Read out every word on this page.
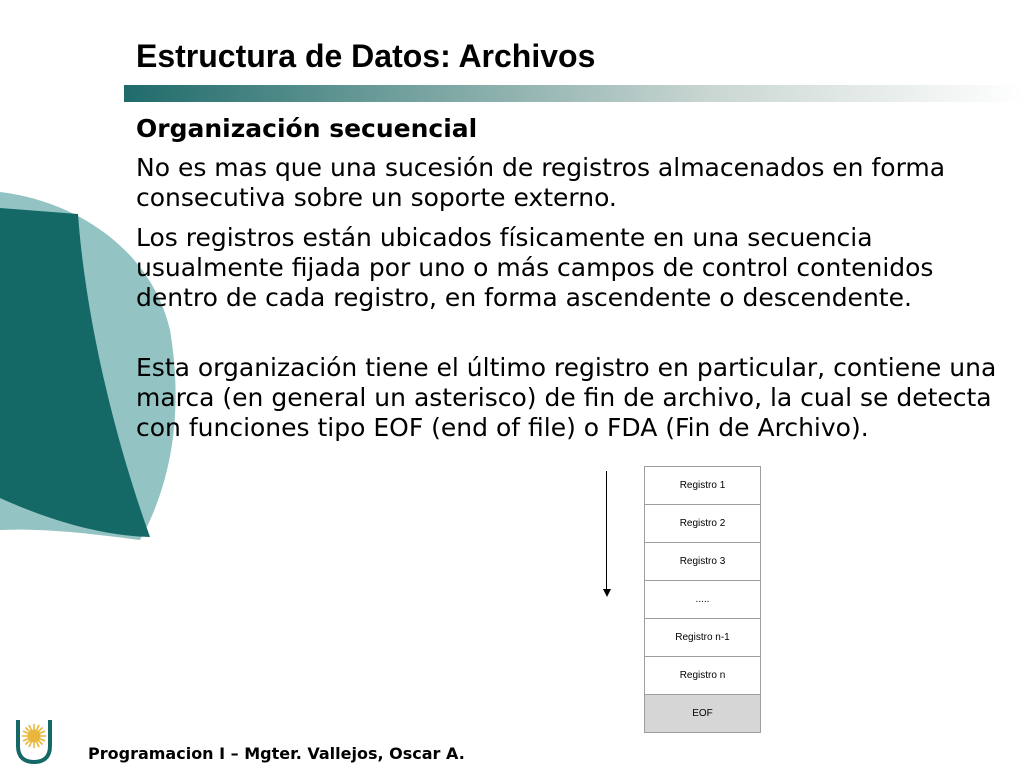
Estructura de Datos: Archivos
Organización secuencial

No es mas que una sucesión de registros almacenados en forma consecutiva sobre un soporte externo.

Los registros están ubicados físicamente en una secuencia usualmente fijada por uno o más campos de control contenidos dentro de cada registro, en forma ascendente o descendente.

Esta organización tiene el último registro en particular, contiene una marca (en general un asterisco) de fin de archivo, la cual se detecta con funciones tipo EOF (end of file) o FDA (Fin de Archivo).

Registro 1
Registro 2
Registro 3
.....
Registro n-1
Registro n
EOF

Programacion I – Mgter. Vallejos, Oscar A.
